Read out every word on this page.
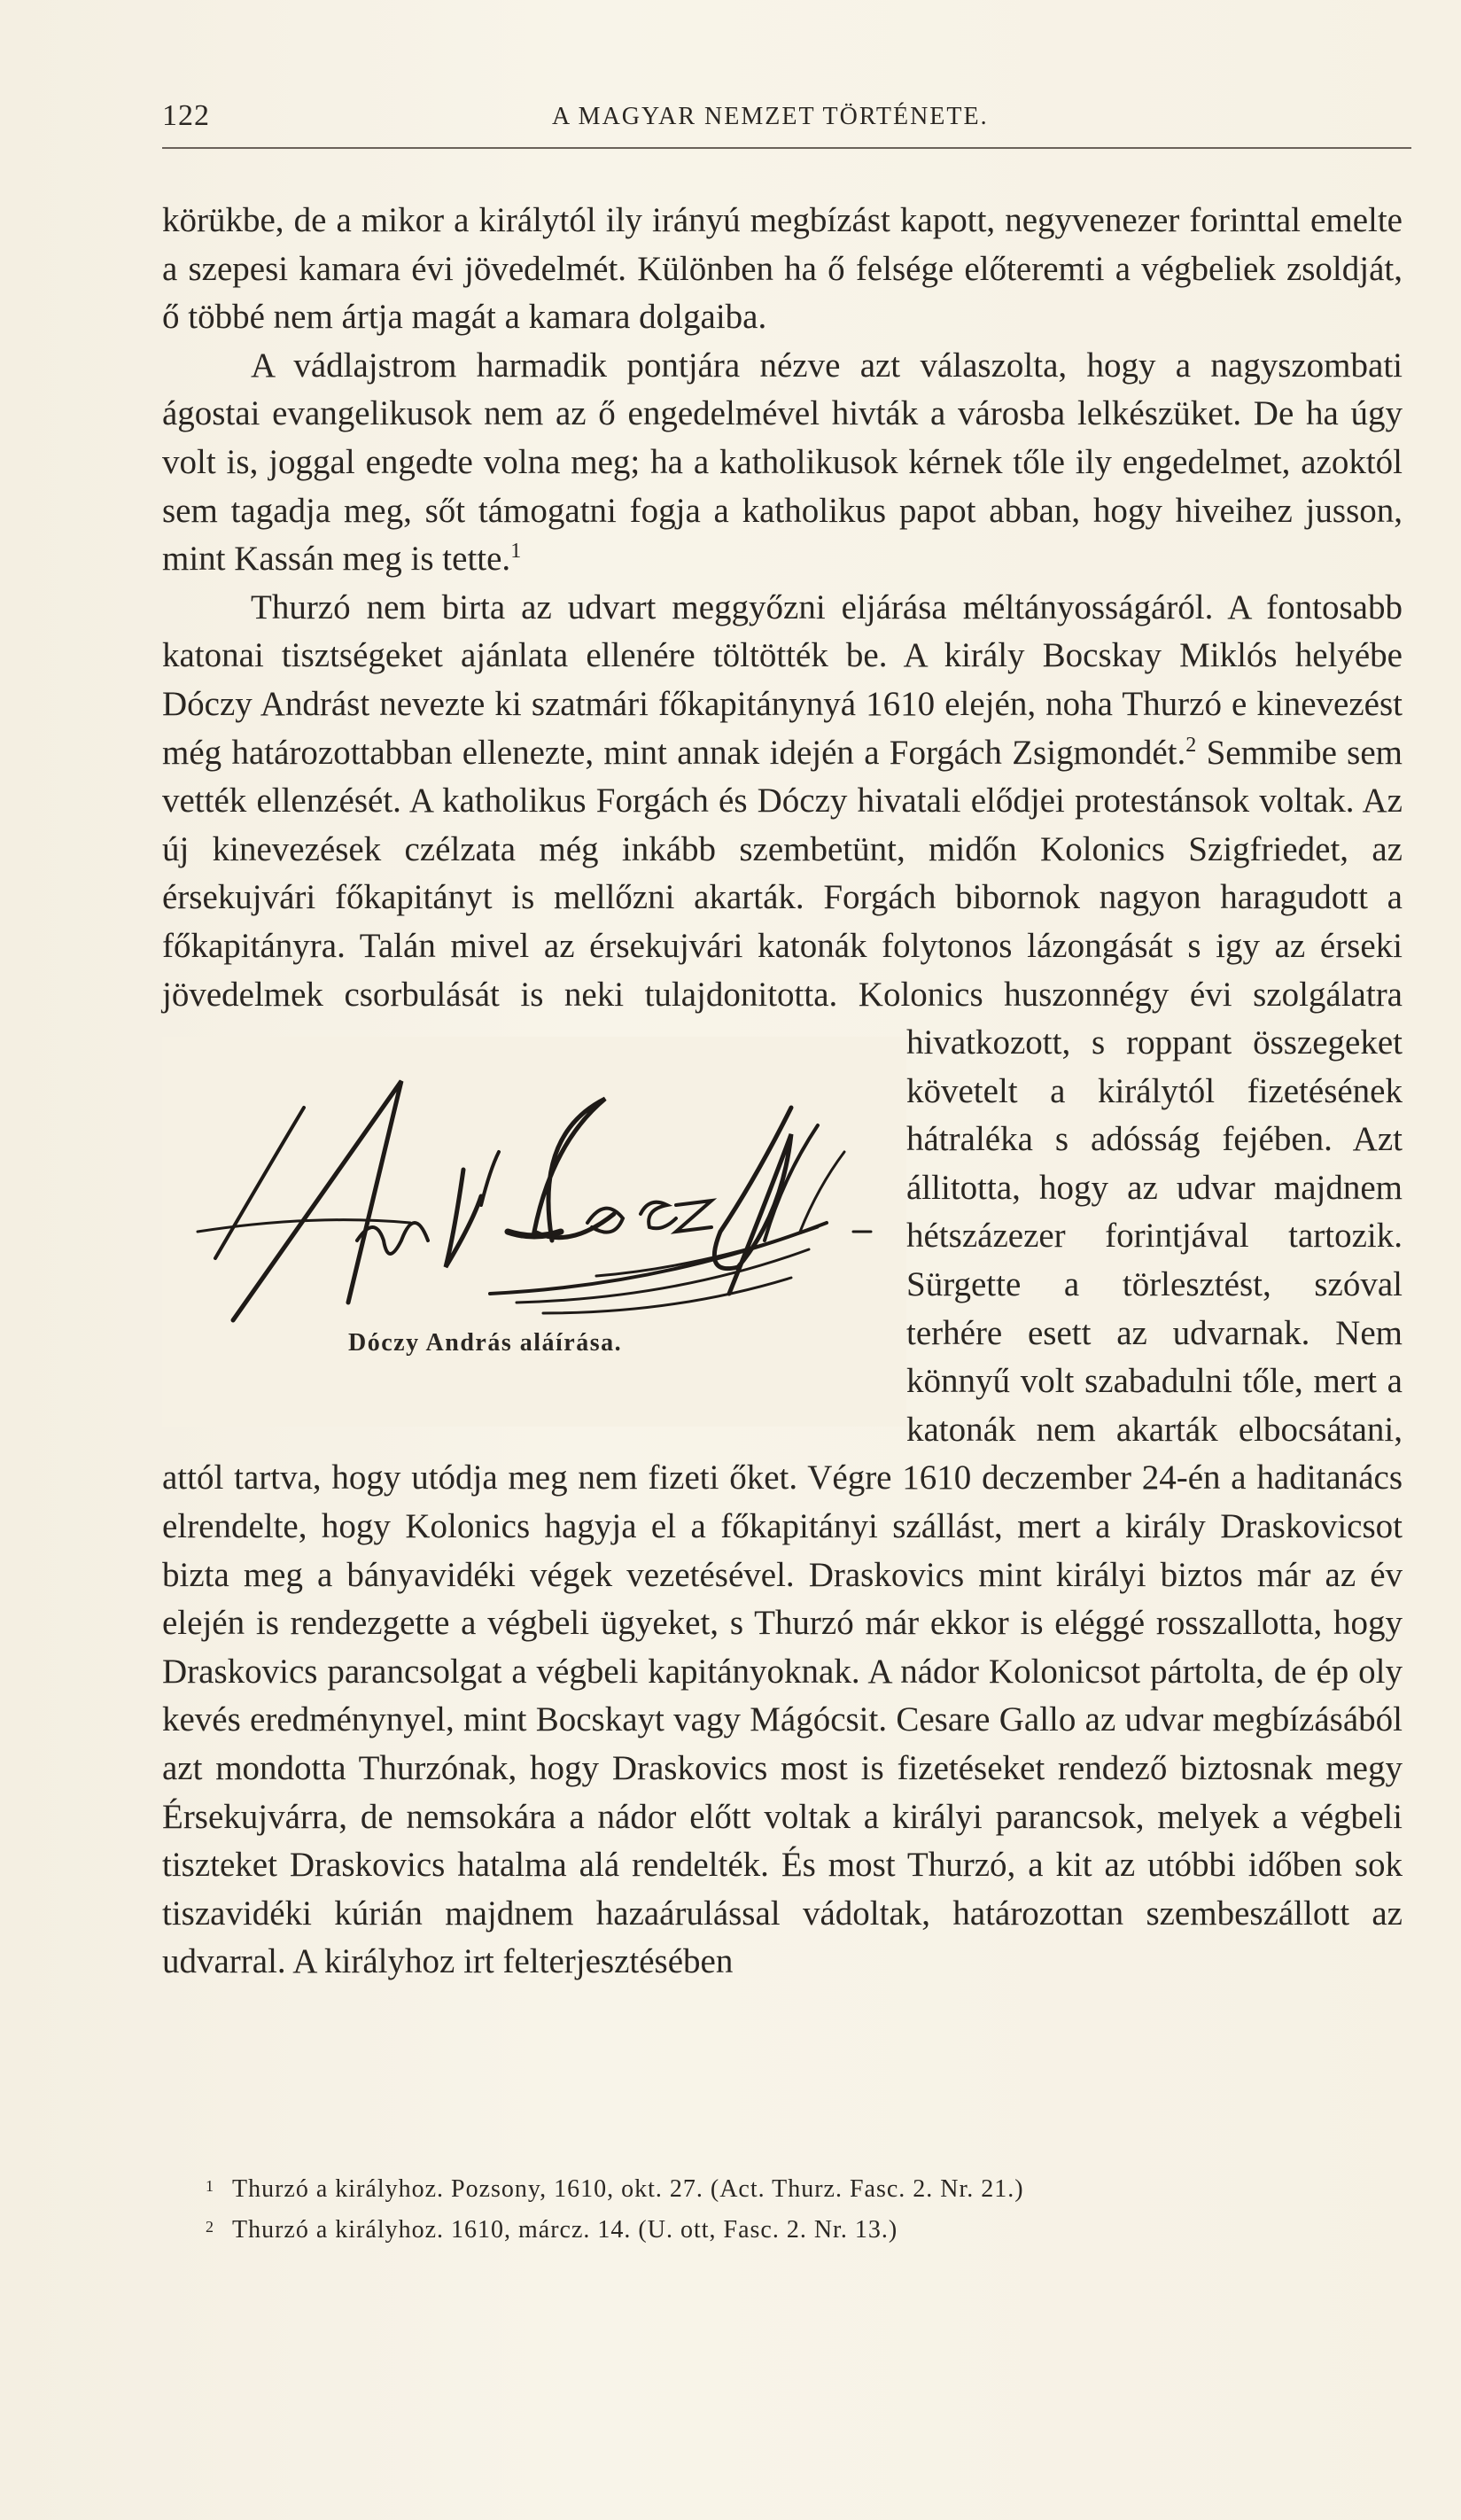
122	A MAGYAR NEMZET TÖRTÉNETE.

körükbe, de a mikor a királytól ily irányú megbízást kapott, negyvenezer forinttal emelte a szepesi kamara évi jövedelmét. Különben ha ő felsége előteremti a végbeliek zsoldját, ő többé nem ártja magát a kamara dolgaiba.

A vádlajstrom harmadik pontjára nézve azt válaszolta, hogy a nagyszombati ágostai evangelikusok nem az ő engedelmével hivták a városba lelkészüket. De ha úgy volt is, joggal engedte volna meg; ha a katholikusok kérnek tőle ily engedelmet, azoktól sem tagadja meg, sőt támogatni fogja a katholikus papot abban, hogy hiveihez jusson, mint Kassán meg is tette.$^1$

Thurzó nem birta az udvart meggyőzni eljárása méltányosságáról. A fontosabb katonai tisztségeket ajánlata ellenére töltötték be. A király Bocskay Miklós helyébe Dóczy Andrást nevezte ki szatmári főkapitánynyá 1610 elején, noha Thurzó e kinevezést még határozottabban ellenezte, mint annak idején a Forgách Zsigmondét.$^2$ Semmibe sem vették ellenzését. A katholikus Forgách és Dóczy hivatali elődjei protestánsok voltak. Az új kinevezések czélzata még inkább szembetünt, midőn Kolonics Szigfriedet, az érsekujvári főkapitányt is mellőzni akarták. Forgách bibornok nagyon haragudott a főkapitányra. Talán mivel az érsekujvári katonák folytonos lázongását s igy az érseki jövedelmek csorbulását is neki tulajdonitotta. Kolonics huszonnégy évi szolgálatra hivatkozott, s roppant összegeket követelt a királytól fizetésének hátraléka s adósság fejében. Azt állitotta, hogy az udvar majdnem hétszázezer forintjával tartozik. Sürgette a törlesztést, szóval terhére esett az udvarnak. Nem könnyű volt szabadulni tőle, mert a katonák nem akarták elbocsátani, attól tartva, hogy utódja meg nem fizeti őket. Végre 1610 deczember 24-én a haditanács elrendelte, hogy Kolonics hagyja el a főkapitányi szállást, mert a király Draskovicsot bizta meg a bányavidéki végek vezetésével. Draskovics mint királyi biztos már az év elején is rendezgette a végbeli ügyeket, s Thurzó már ekkor is eléggé rosszallotta, hogy Draskovics parancsolgat a végbeli kapitányoknak. A nádor Kolonicsot pártolta, de ép oly kevés eredménynyel, mint Bocskayt vagy Mágócsit. Cesare Gallo az udvar megbízásából azt mondotta Thurzónak, hogy Draskovics most is fizetéseket rendező biztosnak megy Érsekujvárra, de nemsokára a nádor előtt voltak a királyi parancsok, melyek a végbeli tiszteket Draskovics hatalma alá rendelték. És most Thurzó, a kit az utóbbi időben sok tiszavidéki kúrián majdnem hazaárulással vádoltak, határozottan szembeszállott az udvarral. A királyhoz irt felterjesztésében

Dóczy András aláírása.
1 Thurzó a királyhoz. Pozsony, 1610, okt. 27. (Act. Thurz. Fasc. 2. Nr. 21.)
2 Thurzó a királyhoz. 1610, márcz. 14. (U. ott, Fasc. 2. Nr. 13.)
